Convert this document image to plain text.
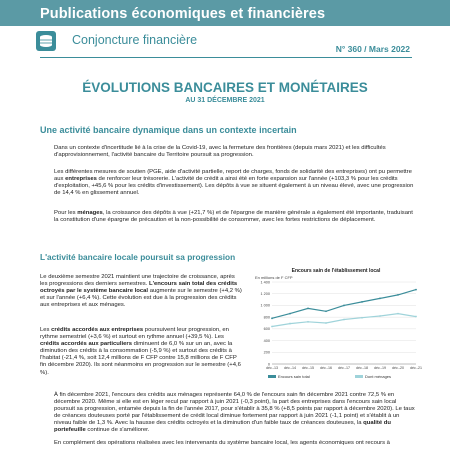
Publications économiques et financières
Conjoncture financière
N° 360 / Mars 2022
ÉVOLUTIONS BANCAIRES ET MONÉTAIRES
AU 31 DÉCEMBRE 2021
Une activité bancaire dynamique dans un contexte incertain
Dans un contexte d'incertitude lié à la crise de la Covid-19, avec la fermeture des frontières (depuis mars 2021) et les difficultés d'approvisionnement, l'activité bancaire du Territoire poursuit sa progression.
Les différentes mesures de soutien (PGE, aide d'activité partielle, report de charges, fonds de solidarité des entreprises) ont pu permettre aux entreprises de renforcer leur trésorerie. L'activité de crédit a ainsi été en forte expansion sur l'année (+103,3 % pour les crédits d'exploitation, +45,6 % pour les crédits d'investissement). Les dépôts à vue se situent également à un niveau élevé, avec une progression de 14,4 % en glissement annuel.
Pour les ménages, la croissance des dépôts à vue (+21,7 %) et de l'épargne de manière générale a également été importante, traduisant la constitution d'une épargne de précaution et la non-possibilité de consommer, avec les fortes restrictions de déplacement.
L'activité bancaire locale poursuit sa progression
Le deuxième semestre 2021 maintient une trajectoire de croissance, après les progressions des derniers semestres. L'encours sain total des crédits octroyés par le système bancaire local augmente sur le semestre (+4,2 %) et sur l'année (+6,4 %). Cette évolution est due à la progression des crédits aux entreprises et aux ménages.
Les crédits accordés aux entreprises poursuivent leur progression, en rythme semestriel (+3,6 %) et surtout en rythme annuel (+39,5 %). Les crédits accordés aux particuliers diminuent de 6,0 % sur un an, avec la diminution des crédits à la consommation (-5,9 %) et surtout des crédits à l'habitat (-21,4 %, soit 12,4 millions de F CFP contre 15,8 millions de F CFP fin décembre 2020). Ils sont néanmoins en progression sur le semestre (+4,6 %).
0
200
400
600
800
1 000
1 200
1 400
déc.-13 déc.-14 déc.-15 déc.-16 déc.-17 déc.-18 déc.-19 déc.-20 déc.-21
Encours sain de l'établissement local
En millions de F CFP
Encours sain total	Dont ménages
À fin décembre 2021, l'encours des crédits aux ménages représente 64,0 % de l'encours sain fin décembre 2021 contre 72,5 % en décembre 2020. Même si elle est en léger recul par rapport à juin 2021 (-0,3 point), la part des entreprises dans l'encours sain local poursuit sa progression, entamée depuis la fin de l'année 2017, pour s'établir à 35,8 % (+8,5 points par rapport à décembre 2020). Le taux de créances douteuses porté par l'établissement de crédit local diminue fortement par rapport à juin 2021 (-1,1 point) et s'établit à un niveau faible de 1,3 %. Avec la hausse des crédits octroyés et la diminution d'un faible taux de créances douteuses, la qualité du portefeuille continue de s'améliorer.
En complément des opérations réalisées avec les intervenants du système bancaire local, les agents économiques ont recours à
